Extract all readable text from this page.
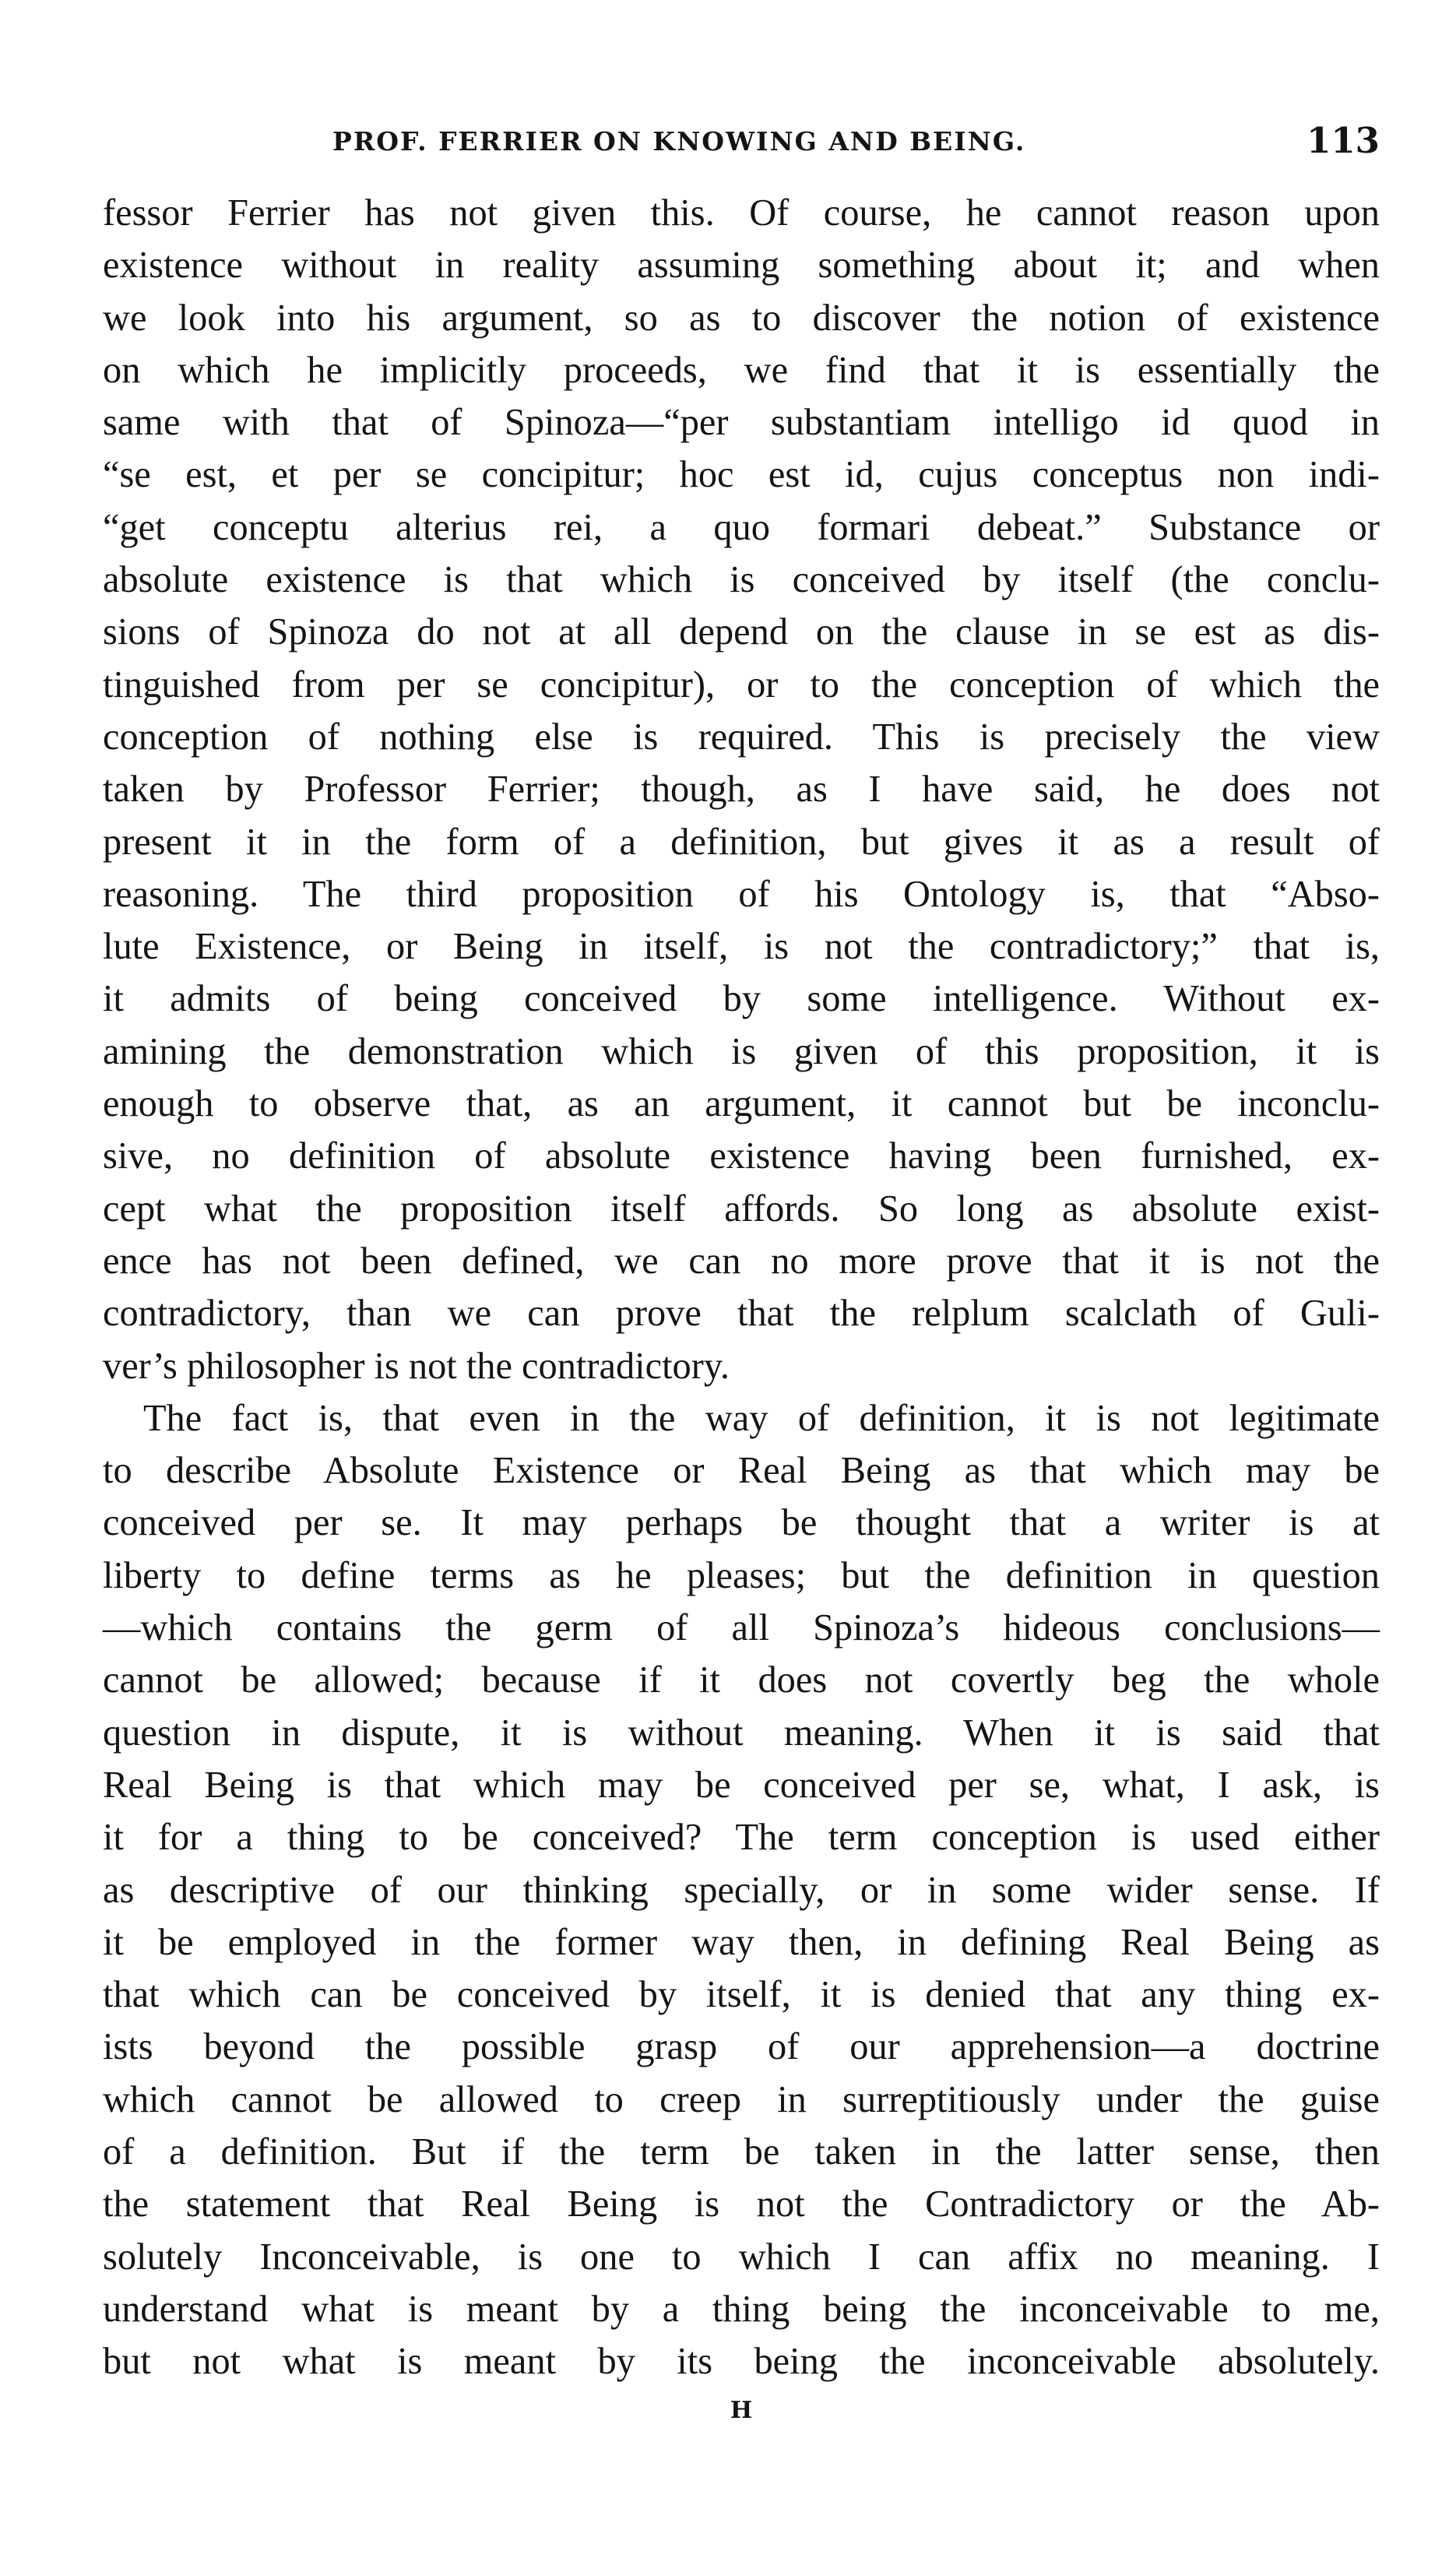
PROF. FERRIER ON KNOWING AND BEING.	113
fessor Ferrier has not given this. Of course, he cannot reason upon
existence without in reality assuming something about it; and when
we look into his argument, so as to discover the notion of existence
on which he implicitly proceeds, we find that it is essentially the
same with that of Spinoza—“per substantiam intelligo id quod in
“se est, et per se concipitur; hoc est id, cujus conceptus non indi-
“get conceptu alterius rei, a quo formari debeat.” Substance or
absolute existence is that which is conceived by itself (the conclu-
sions of Spinoza do not at all depend on the clause in se est as dis-
tinguished from per se concipitur), or to the conception of which the
conception of nothing else is required. This is precisely the view
taken by Professor Ferrier; though, as I have said, he does not
present it in the form of a definition, but gives it as a result of
reasoning. The third proposition of his Ontology is, that “Abso-
lute Existence, or Being in itself, is not the contradictory;” that is,
it admits of being conceived by some intelligence. Without ex-
amining the demonstration which is given of this proposition, it is
enough to observe that, as an argument, it cannot but be inconclu-
sive, no definition of absolute existence having been furnished, ex-
cept what the proposition itself affords. So long as absolute exist-
ence has not been defined, we can no more prove that it is not the
contradictory, than we can prove that the relplum scalclath of Guli-
ver’s philosopher is not the contradictory.
The fact is, that even in the way of definition, it is not legitimate
to describe Absolute Existence or Real Being as that which may be
conceived per se. It may perhaps be thought that a writer is at
liberty to define terms as he pleases; but the definition in question
—which contains the germ of all Spinoza’s hideous conclusions—
cannot be allowed; because if it does not covertly beg the whole
question in dispute, it is without meaning. When it is said that
Real Being is that which may be conceived per se, what, I ask, is
it for a thing to be conceived? The term conception is used either
as descriptive of our thinking specially, or in some wider sense. If
it be employed in the former way then, in defining Real Being as
that which can be conceived by itself, it is denied that any thing ex-
ists beyond the possible grasp of our apprehension—a doctrine
which cannot be allowed to creep in surreptitiously under the guise
of a definition. But if the term be taken in the latter sense, then
the statement that Real Being is not the Contradictory or the Ab-
solutely Inconceivable, is one to which I can affix no meaning. I
understand what is meant by a thing being the inconceivable to me,
but not what is meant by its being the inconceivable absolutely.
H
